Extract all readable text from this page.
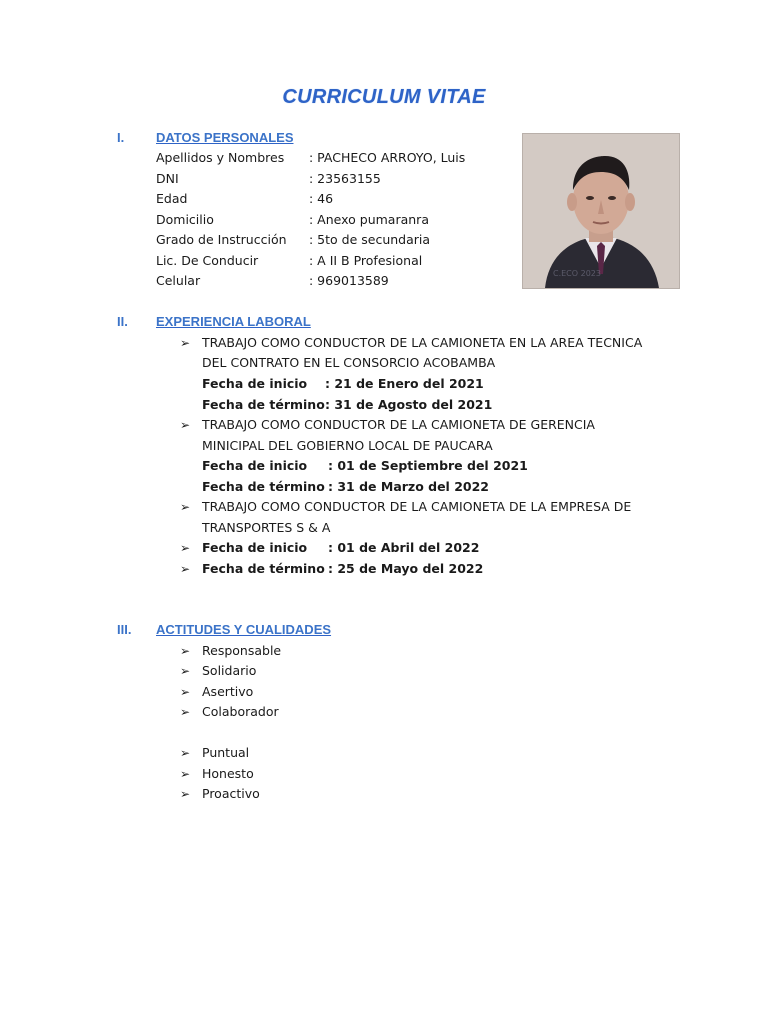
CURRICULUM VITAE
I. DATOS PERSONALES
Apellidos y Nombres : PACHECO ARROYO, Luis
DNI	: 23563155
Edad	: 46
Domicilio	: Anexo pumaranra
Grado de Instrucción : 5to de secundaria
Lic. De Conducir	: A II B Profesional
Celular	: 969013589	C.ECO 2023
II. EXPERIENCIA LABORAL
➢ TRABAJO COMO CONDUCTOR DE LA CAMIONETA EN LA AREA TECNICA
DEL CONTRATO EN EL CONSORCIO ACOBAMBA
Fecha de inicio : 21 de Enero del 2021
Fecha de término : 31 de Agosto del 2021
➢ TRABAJO COMO CONDUCTOR DE LA CAMIONETA DE GERENCIA
MINICIPAL DEL GOBIERNO LOCAL DE PAUCARA
Fecha de inicio : 01 de Septiembre del 2021
Fecha de término : 31 de Marzo del 2022
➢ TRABAJO COMO CONDUCTOR DE LA CAMIONETA DE LA EMPRESA DE
TRANSPORTES S & A
➢ Fecha de inicio : 01 de Abril del 2022
➢ Fecha de término : 25 de Mayo del 2022
III. ACTITUDES Y CUALIDADES
➢ Responsable
➢ Solidario
➢ Asertivo
➢ Colaborador
➢ Puntual
➢ Honesto
➢ Proactivo
